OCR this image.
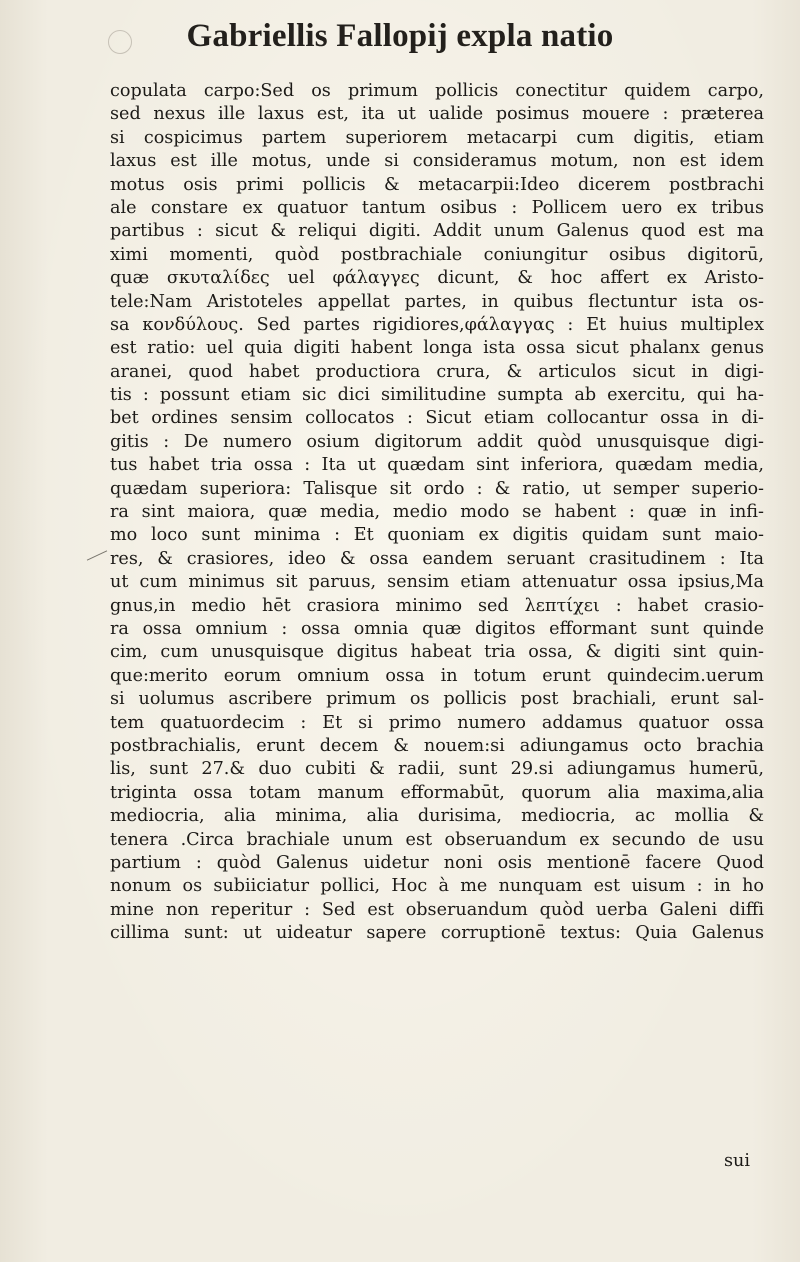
Gabriellis Fallopij expla natio
copulata carpo:Sed os primum pollicis conectitur quidem carpo,
sed nexus ille laxus est, ita ut ualide posimus mouere : præterea
si cospicimus partem superiorem metacarpi cum digitis, etiam
laxus est ille motus, unde si consideramus motum, non est idem
motus osis primi pollicis & metacarpii:Ideo dicerem postbrachi
ale constare ex quatuor tantum osibus : Pollicem uero ex tribus
partibus : sicut & reliqui digiti. Addit unum Galenus quod est ma
ximi momenti, quòd postbrachiale coniungitur osibus digitorū,
quæ σκυταλίδες uel φάλαγγες dicunt, & hoc affert ex Aristo-
tele:Nam Aristoteles appellat partes, in quibus flectuntur ista os-
sa κονδύλους. Sed partes rigidiores,φάλαγγας : Et huius multiplex
est ratio: uel quia digiti habent longa ista ossa sicut phalanx genus
aranei, quod habet productiora crura, & articulos sicut in digi-
tis : possunt etiam sic dici similitudine sumpta ab exercitu, qui ha-
bet ordines sensim collocatos : Sicut etiam collocantur ossa in di-
gitis : De numero osium digitorum addit quòd unusquisque digi-
tus habet tria ossa : Ita ut quædam sint inferiora, quædam media,
quædam superiora: Talisque sit ordo : & ratio, ut semper superio-
ra sint maiora, quæ media, medio modo se habent : quæ in infi-
mo loco sunt minima : Et quoniam ex digitis quidam sunt maio-
res, & crasiores, ideo & ossa eandem seruant crasitudinem : Ita
ut cum minimus sit paruus, sensim etiam attenuatur ossa ipsius,Ma
gnus,in medio hēt crasiora minimo sed λεπτίχει : habet crasio-
ra ossa omnium : ossa omnia quæ digitos efformant sunt quinde
cim, cum unusquisque digitus habeat tria ossa, & digiti sint quin-
que:merito eorum omnium ossa in totum erunt quindecim.uerum
si uolumus ascribere primum os pollicis post brachiali, erunt sal-
tem quatuordecim : Et si primo numero addamus quatuor ossa
postbrachialis, erunt decem & nouem:si adiungamus octo brachia
lis, sunt 27.& duo cubiti & radii, sunt 29.si adiungamus humerū,
triginta ossa totam manum efformabūt, quorum alia maxima,alia
mediocria, alia minima, alia durisima, mediocria, ac mollia &
tenera .Circa brachiale unum est obseruandum ex secundo de usu
partium : quòd Galenus uidetur noni osis mentionē facere Quod
nonum os subiiciatur pollici, Hoc à me nunquam est uisum : in ho
mine non reperitur : Sed est obseruandum quòd uerba Galeni diffi
cillima sunt: ut uideatur sapere corruptionē textus: Quia Galenus
sui
